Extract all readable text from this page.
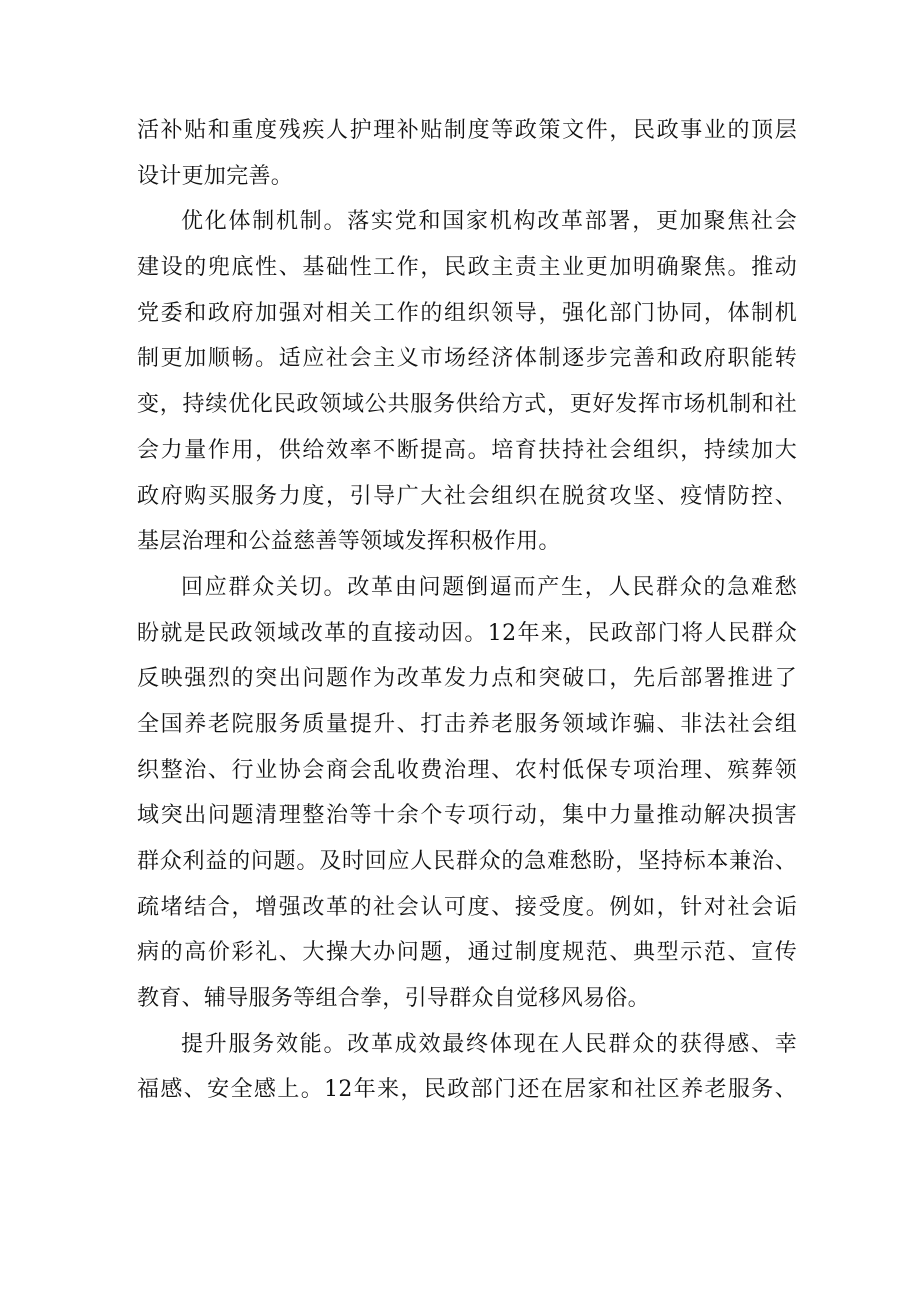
活补贴和重度残疾人护理补贴制度等政策文件，民政事业的顶层
设计更加完善。
优化体制机制。落实党和国家机构改革部署，更加聚焦社会
建设的兜底性、基础性工作，民政主责主业更加明确聚焦。推动
党委和政府加强对相关工作的组织领导，强化部门协同，体制机
制更加顺畅。适应社会主义市场经济体制逐步完善和政府职能转
变，持续优化民政领域公共服务供给方式，更好发挥市场机制和社
会力量作用，供给效率不断提高。培育扶持社会组织，持续加大
政府购买服务力度，引导广大社会组织在脱贫攻坚、疫情防控、
基层治理和公益慈善等领域发挥积极作用。
回应群众关切。改革由问题倒逼而产生，人民群众的急难愁
盼就是民政领域改革的直接动因。12年来，民政部门将人民群众
反映强烈的突出问题作为改革发力点和突破口，先后部署推进了
全国养老院服务质量提升、打击养老服务领域诈骗、非法社会组
织整治、行业协会商会乱收费治理、农村低保专项治理、殡葬领
域突出问题清理整治等十余个专项行动，集中力量推动解决损害
群众利益的问题。及时回应人民群众的急难愁盼，坚持标本兼治、
疏堵结合，增强改革的社会认可度、接受度。例如，针对社会诟
病的高价彩礼、大操大办问题，通过制度规范、典型示范、宣传
教育、辅导服务等组合拳，引导群众自觉移风易俗。
提升服务效能。改革成效最终体现在人民群众的获得感、幸
福感、安全感上。12年来，民政部门还在居家和社区养老服务、
